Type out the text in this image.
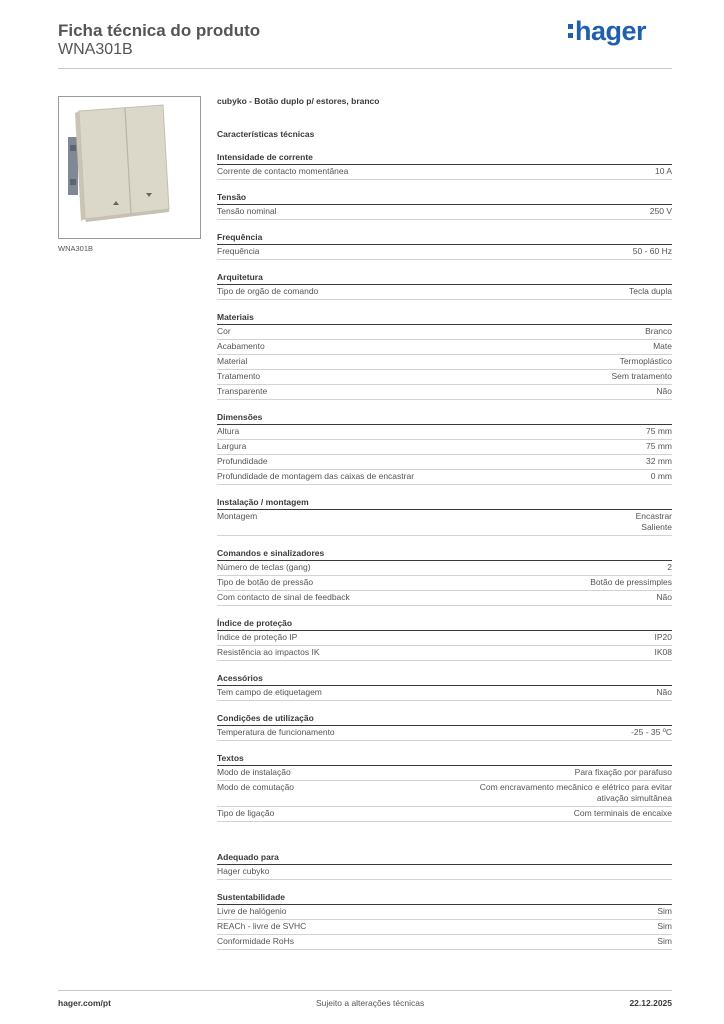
Ficha técnica do produto
WNA301B
hager
WNA301B
cubyko - Botão duplo p/ estores, branco
Características técnicas
Intensidade de corrente
Corrente de contacto momentânea	10 A
Tensão
Tensão nominal	250 V
Frequência
Frequência	50 - 60 Hz
Arquitetura
Tipo de orgão de comando	Tecla dupla
Materiais
Cor	Branco
Acabamento	Mate
Material	Termoplástico
Tratamento	Sem tratamento
Transparente	Não
Dimensões
Altura	75 mm
Largura	75 mm
Profundidade	32 mm
Profundidade de montagem das caixas de encastrar	0 mm
Instalação / montagem
Montagem	Encastrar
Saliente
Comandos e sinalizadores
Número de teclas (gang)	2
Tipo de botão de pressão	Botão de pressimples
Com contacto de sinal de feedback	Não
Índice de proteção
Índice de proteção IP	IP20
Resistência ao impactos IK	IK08
Acessórios
Tem campo de etiquetagem	Não
Condições de utilização
Temperatura de funcionamento	-25 - 35 ºC
Textos
Modo de instalação	Para fixação por parafuso
Modo de comutação	Com encravamento mecânico e elétrico para evitar
ativação simultânea
Tipo de ligação	Com terminais de encaixe
Adequado para
Hager cubyko
Sustentabilidade
Livre de halógenio	Sim
REACh - livre de SVHC	Sim
Conformidade RoHs	Sim
hager.com/pt	Sujeito a alterações técnicas	22.12.2025
